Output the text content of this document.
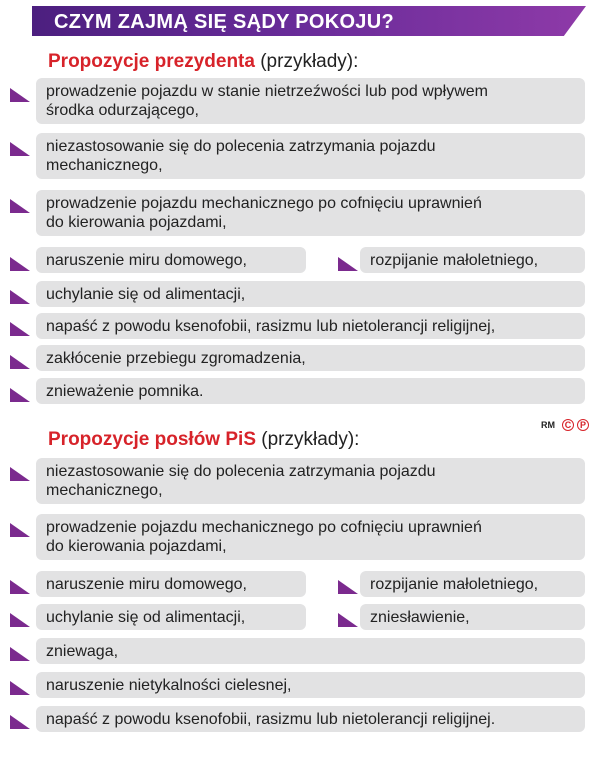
CZYM ZAJMĄ SIĘ SĄDY POKOJU?
Propozycje prezydenta (przykłady):
prowadzenie pojazdu w stanie nietrzeźwości lub pod wpływem
środka odurzającego,
niezastosowanie się do polecenia zatrzymania pojazdu
mechanicznego,
prowadzenie pojazdu mechanicznego po cofnięciu uprawnień
do kierowania pojazdami,
naruszenie miru domowego,	rozpijanie małoletniego,
uchylanie się od alimentacji,
napaść z powodu ksenofobii, rasizmu lub nietolerancji religijnej,
zakłócenie przebiegu zgromadzenia,
znieważenie pomnika.
RM	C P
Propozycje posłów PiS (przykłady):
niezastosowanie się do polecenia zatrzymania pojazdu
mechanicznego,
prowadzenie pojazdu mechanicznego po cofnięciu uprawnień
do kierowania pojazdami,
naruszenie miru domowego,	rozpijanie małoletniego,
uchylanie się od alimentacji,	zniesławienie,
zniewaga,
naruszenie nietykalności cielesnej,
napaść z powodu ksenofobii, rasizmu lub nietolerancji religijnej.
